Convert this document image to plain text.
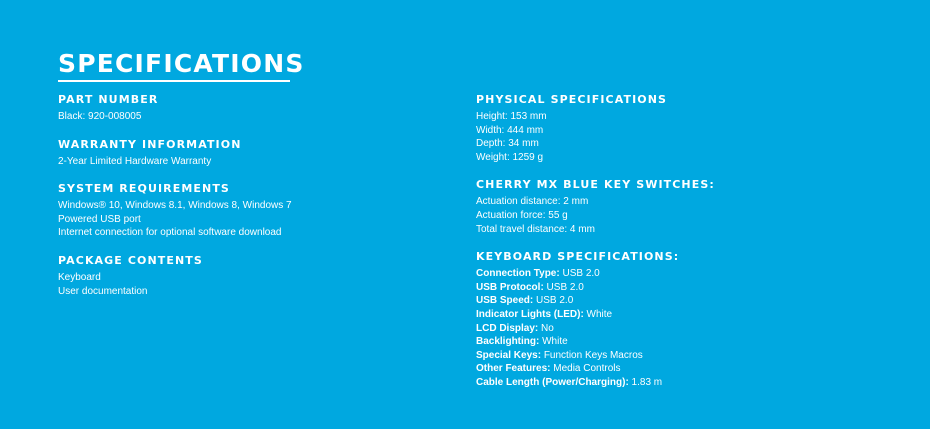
SPECIFICATIONS
PART NUMBER

Black: 920-008005

WARRANTY INFORMATION

2-Year Limited Hardware Warranty

SYSTEM REQUIREMENTS

Windows® 10, Windows 8.1, Windows 8, Windows 7

Powered USB port

Internet connection for optional software download

PACKAGE CONTENTS

Keyboard

User documentation

PHYSICAL SPECIFICATIONS

Height: 153 mm

Width: 444 mm

Depth: 34 mm

Weight: 1259 g

CHERRY MX BLUE KEY SWITCHES:

Actuation distance: 2 mm

Actuation force: 55 g

Total travel distance: 4 mm

KEYBOARD SPECIFICATIONS:

Connection Type: USB 2.0

USB Protocol: USB 2.0

USB Speed: USB 2.0

Indicator Lights (LED): White

LCD Display: No

Backlighting: White

Special Keys: Function Keys Macros

Other Features: Media Controls

Cable Length (Power/Charging): 1.83 m
